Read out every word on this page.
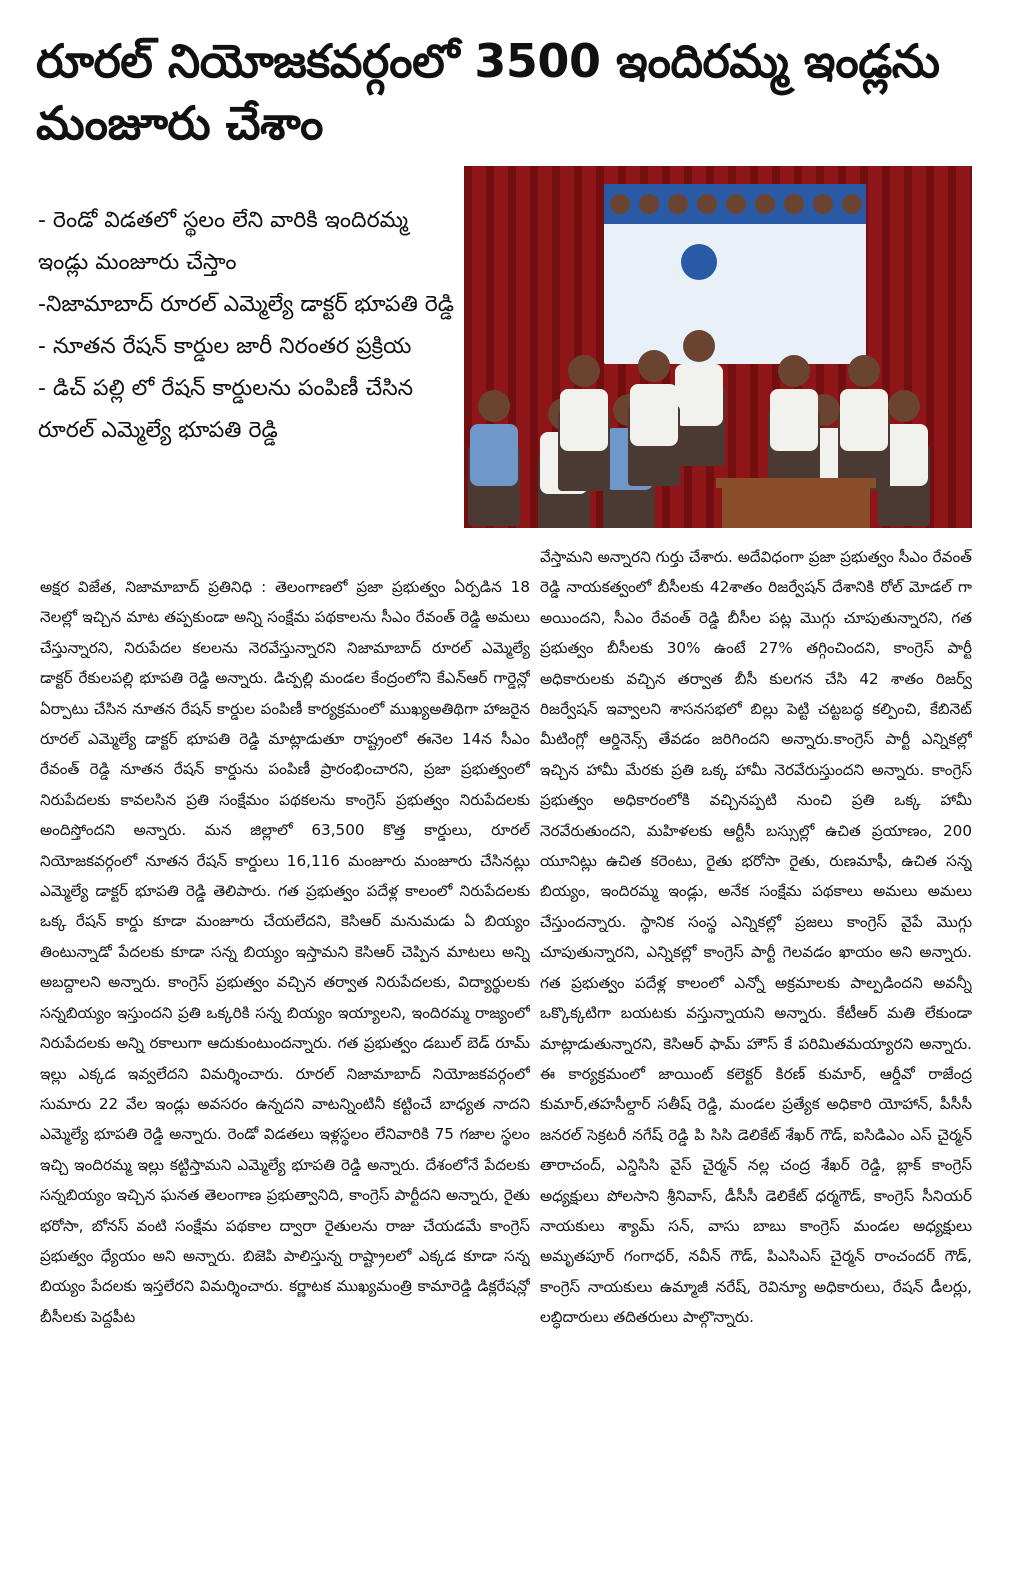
రూరల్ నియోజకవర్గంలో 3500 ఇందిరమ్మ ఇండ్లను మంజూరు చేశాం
- రెండో విడతలో స్థలం లేని వారికి ఇందిరమ్మ ఇండ్లు మంజూరు చేస్తాం
-నిజామాబాద్ రూరల్ ఎమ్మెల్యే డాక్టర్ భూపతి రెడ్డి
- నూతన రేషన్ కార్డుల జారీ నిరంతర ప్రక్రియ
- డిచ్ పల్లి లో రేషన్ కార్డులను పంపిణీ చేసిన రూరల్ ఎమ్మెల్యే భూపతి రెడ్డి
అక్షర విజేత, నిజామాబాద్ ప్రతినిధి : తెలంగాణలో ప్రజా ప్రభుత్వం ఏర్పడిన 18 నెలల్లో ఇచ్చిన మాట తప్పకుండా అన్ని సంక్షేమ పథకాలను సీఎం రేవంత్ రెడ్డి అమలు చేస్తున్నారని, నిరుపేదల కలలను నెరవేస్తున్నారని నిజామాబాద్ రూరల్ ఎమ్మెల్యే డాక్టర్ రేకులపల్లి భూపతి రెడ్డి అన్నారు. డిచ్పల్లి మండల కేంద్రంలోని కేఎన్ఆర్ గార్డెన్లో ఏర్పాటు చేసిన నూతన రేషన్ కార్డుల పంపిణీ కార్యక్రమంలో ముఖ్యఅతిథిగా హాజరైన రూరల్ ఎమ్మెల్యే డాక్టర్ భూపతి రెడ్డి మాట్లాడుతూ రాష్ట్రంలో ఈనెల 14న సీఎం రేవంత్ రెడ్డి నూతన రేషన్ కార్డును పంపిణీ ప్రారంభించారని, ప్రజా ప్రభుత్వంలో నిరుపేదలకు కావలసిన ప్రతి సంక్షేమం పథకలను కాంగ్రెస్ ప్రభుత్వం నిరుపేదలకు అందిస్తోందని అన్నారు. మన జిల్లాలో 63,500 కొత్త కార్డులు, రూరల్ నియోజకవర్గంలో నూతన రేషన్ కార్డులు 16,116 మంజూరు మంజూరు చేసినట్లు ఎమ్మెల్యే డాక్టర్ భూపతి రెడ్డి తెలిపారు. గత ప్రభుత్వం పదేళ్ల కాలంలో నిరుపేదలకు ఒక్క రేషన్ కార్డు కూడా మంజూరు చేయలేదని, కెసిఆర్ మనుమడు ఏ బియ్యం తింటున్నాడో పేదలకు కూడా సన్న బియ్యం ఇస్తామని కెసిఆర్ చెప్పిన మాటలు అన్ని అబద్దాలని అన్నారు. కాంగ్రెస్ ప్రభుత్వం వచ్చిన తర్వాత నిరుపేదలకు, విద్యార్థులకు సన్నబియ్యం ఇస్తుందని ప్రతి ఒక్కరికి సన్న బియ్యం ఇయ్యాలని, ఇందిరమ్మ రాజ్యంలో నిరుపేదలకు అన్ని రకాలుగా ఆదుకుంటుందన్నారు. గత ప్రభుత్వం డబుల్ బెడ్ రూమ్ ఇల్లు ఎక్కడ ఇవ్వలేదని విమర్శించారు. రూరల్ నిజామాబాద్ నియోజకవర్గంలో సుమారు 22 వేల ఇండ్లు అవసరం ఉన్నదని వాటన్నింటినీ కట్టించే బాధ్యత నాదని ఎమ్మెల్యే భూపతి రెడ్డి అన్నారు. రెండో విడతలు ఇళ్లస్థలం లేనివారికి 75 గజాల స్థలం ఇచ్చి ఇందిరమ్మ ఇల్లు కట్టిస్తామని ఎమ్మెల్యే భూపతి రెడ్డి అన్నారు. దేశంలోనే పేదలకు సన్నబియ్యం ఇచ్చిన ఘనత తెలంగాణ ప్రభుత్వానిది, కాంగ్రెస్ పార్టీదని అన్నారు, రైతు భరోసా, బోనస్ వంటి సంక్షేమ పథకాల ద్వారా రైతులను రాజు చేయడమే కాంగ్రెస్ ప్రభుత్వం ధ్యేయం అని అన్నారు. బిజెపి పాలిస్తున్న రాష్ట్రాలలో ఎక్కడ కూడా సన్న బియ్యం పేదలకు ఇస్తలేరని విమర్శించారు. కర్ణాటక ముఖ్యమంత్రి కామారెడ్డి డిక్లరేషన్లో బీసీలకు పెద్దపీట
వేస్తామని అన్నారని గుర్తు చేశారు. అదేవిధంగా ప్రజా ప్రభుత్వం సీఎం రేవంత్ రెడ్డి నాయకత్వంలో బీసీలకు 42శాతం రిజర్వేషన్ దేశానికి రోల్ మోడల్ గా అయిందని, సీఎం రేవంత్ రెడ్డి బీసీల పట్ల మొగ్గు చూపుతున్నారని, గత ప్రభుత్వం బీసీలకు 30% ఉంటే 27% తగ్గించిందని, కాంగ్రెస్ పార్టీ అధికారులకు వచ్చిన తర్వాత బీసీ కులగన చేసి 42 శాతం రిజర్వ్ రిజర్వేషన్ ఇవ్వాలని శాసనసభలో బిల్లు పెట్టి చట్టబద్ధ కల్పించి, కేబినెట్ మీటింగ్లో ఆర్డినెన్స్ తేవడం జరిగిందని అన్నారు.కాంగ్రెస్ పార్టీ ఎన్నికల్లో ఇచ్చిన హామీ మేరకు ప్రతి ఒక్క హామీ నెరవేరుస్తుందని అన్నారు. కాంగ్రెస్ ప్రభుత్వం అధికారంలోకి వచ్చినప్పటి నుంచి ప్రతి ఒక్క హామీ నెరవేరుతుందని, మహిళలకు ఆర్టీసీ బస్సుల్లో ఉచిత ప్రయాణం, 200 యూనిట్లు ఉచిత కరెంటు, రైతు భరోసా రైతు, రుణమాఫీ, ఉచిత సన్న బియ్యం, ఇందిరమ్మ ఇండ్లు, అనేక సంక్షేమ పథకాలు అమలు అమలు చేస్తుందన్నారు. స్థానిక సంస్థ ఎన్నికల్లో ప్రజలు కాంగ్రెస్ వైపే మొగ్గు చూపుతున్నారని, ఎన్నికల్లో కాంగ్రెస్ పార్టీ గెలవడం ఖాయం అని అన్నారు. గత ప్రభుత్వం పదేళ్ల కాలంలో ఎన్నో అక్రమాలకు పాల్పడిందని అవన్నీ ఒక్కొక్కటిగా బయటకు వస్తున్నాయని అన్నారు. కేటీఆర్ మతి లేకుండా మాట్లాడుతున్నారని, కెసిఆర్ ఫామ్ హౌస్ కే పరిమితమయ్యారని అన్నారు. ఈ కార్యక్రమంలో జాయింట్ కలెక్టర్ కిరణ్ కుమార్, ఆర్డీవో రాజేంద్ర కుమార్,తహసీల్దార్ సతీష్ రెడ్డి, మండల ప్రత్యేక అధికారి యోహాన్, పీసీసీ జనరల్ సెక్రటరీ నగేష్ రెడ్డి పి సిసి డెలికేట్ శేఖర్ గౌడ్, ఐసిడిఎం ఎస్ చైర్మన్ తారాచంద్, ఎన్డిసిసి వైస్ చైర్మన్ నల్ల చంద్ర శేఖర్ రెడ్డి, బ్లాక్ కాంగ్రెస్ అధ్యక్షులు పోలసాని శ్రీనివాస్, డీసీసీ డెలికేట్ ధర్మగౌడ్, కాంగ్రెస్ సీనియర్ నాయకులు శ్యామ్ సన్, వాసు బాబు కాంగ్రెస్ మండల అధ్యక్షులు అమృతపూర్ గంగాధర్, నవీన్ గౌడ్, పిఎసిఎస్ చైర్మన్ రాంచందర్ గౌడ్, కాంగ్రెస్ నాయకులు ఉమ్మాజీ నరేష్, రెవిన్యూ అధికారులు, రేషన్ డీలర్లు, లబ్ధిదారులు తదితరులు పాల్గొన్నారు.
